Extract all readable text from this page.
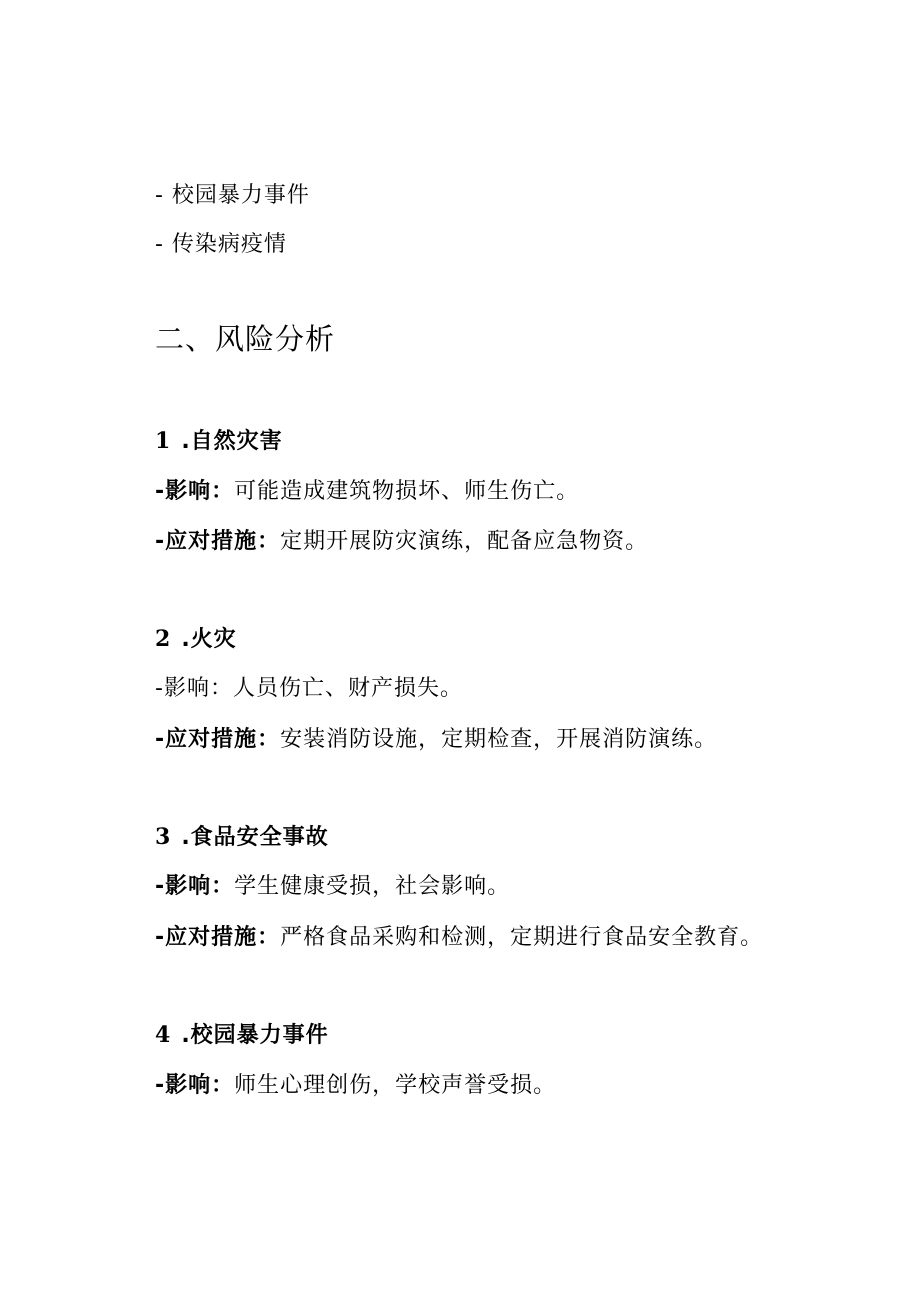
- 校园暴力事件
- 传染病疫情
二、风险分析
1 .自然灾害
-影响：可能造成建筑物损坏、师生伤亡。
-应对措施：定期开展防灾演练，配备应急物资。
2 .火灾
-影响：人员伤亡、财产损失。
-应对措施：安装消防设施，定期检查，开展消防演练。
3 .食品安全事故
-影响：学生健康受损，社会影响。
-应对措施：严格食品采购和检测，定期进行食品安全教育。
4 .校园暴力事件
-影响：师生心理创伤，学校声誉受损。
